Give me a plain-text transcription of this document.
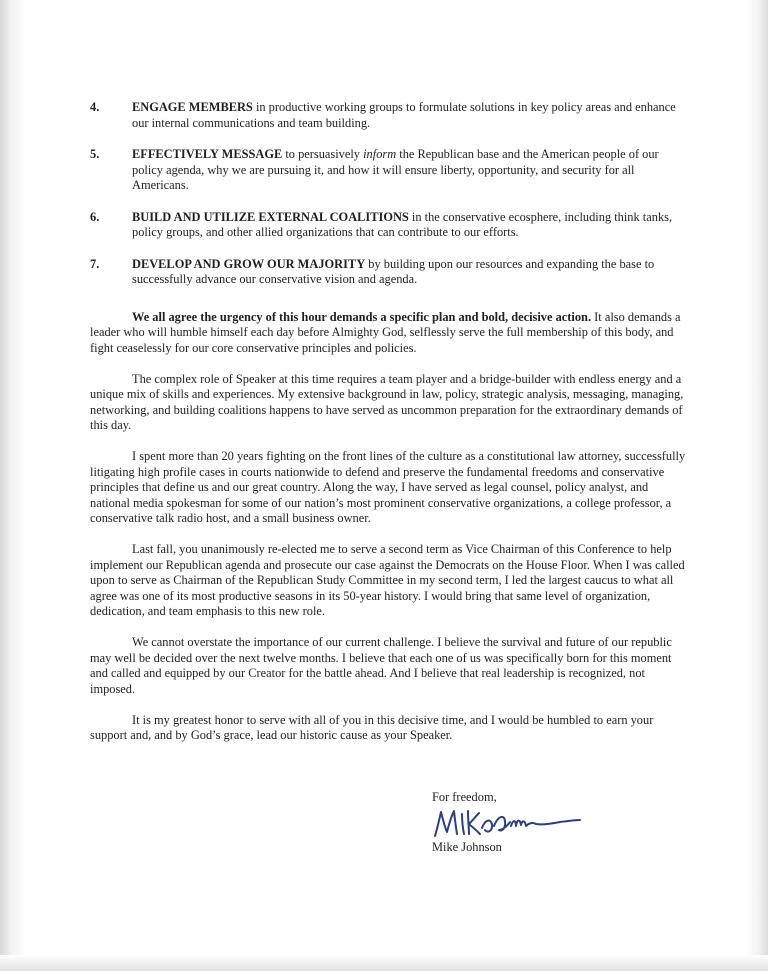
4.	ENGAGE MEMBERS in productive working groups to formulate solutions in key policy areas and enhance our internal communications and team building.
5.	EFFECTIVELY MESSAGE to persuasively inform the Republican base and the American people of our policy agenda, why we are pursuing it, and how it will ensure liberty, opportunity, and security for all Americans.
6.	BUILD AND UTILIZE EXTERNAL COALITIONS in the conservative ecosphere, including think tanks, policy groups, and other allied organizations that can contribute to our efforts.
7.	DEVELOP AND GROW OUR MAJORITY by building upon our resources and expanding the base to successfully advance our conservative vision and agenda.

We all agree the urgency of this hour demands a specific plan and bold, decisive action. It also demands a leader who will humble himself each day before Almighty God, selflessly serve the full membership of this body, and fight ceaselessly for our core conservative principles and policies.

The complex role of Speaker at this time requires a team player and a bridge-builder with endless energy and a unique mix of skills and experiences. My extensive background in law, policy, strategic analysis, messaging, managing, networking, and building coalitions happens to have served as uncommon preparation for the extraordinary demands of this day.

I spent more than 20 years fighting on the front lines of the culture as a constitutional law attorney, successfully litigating high profile cases in courts nationwide to defend and preserve the fundamental freedoms and conservative principles that define us and our great country. Along the way, I have served as legal counsel, policy analyst, and national media spokesman for some of our nation’s most prominent conservative organizations, a college professor, a conservative talk radio host, and a small business owner.

Last fall, you unanimously re-elected me to serve a second term as Vice Chairman of this Conference to help implement our Republican agenda and prosecute our case against the Democrats on the House Floor. When I was called upon to serve as Chairman of the Republican Study Committee in my second term, I led the largest caucus to what all agree was one of its most productive seasons in its 50-year history. I would bring that same level of organization, dedication, and team emphasis to this new role.

We cannot overstate the importance of our current challenge. I believe the survival and future of our republic may well be decided over the next twelve months. I believe that each one of us was specifically born for this moment and called and equipped by our Creator for the battle ahead. And I believe that real leadership is recognized, not imposed.

It is my greatest honor to serve with all of you in this decisive time, and I would be humbled to earn your support and, and by God’s grace, lead our historic cause as your Speaker.

For freedom,
Mike Johnson
